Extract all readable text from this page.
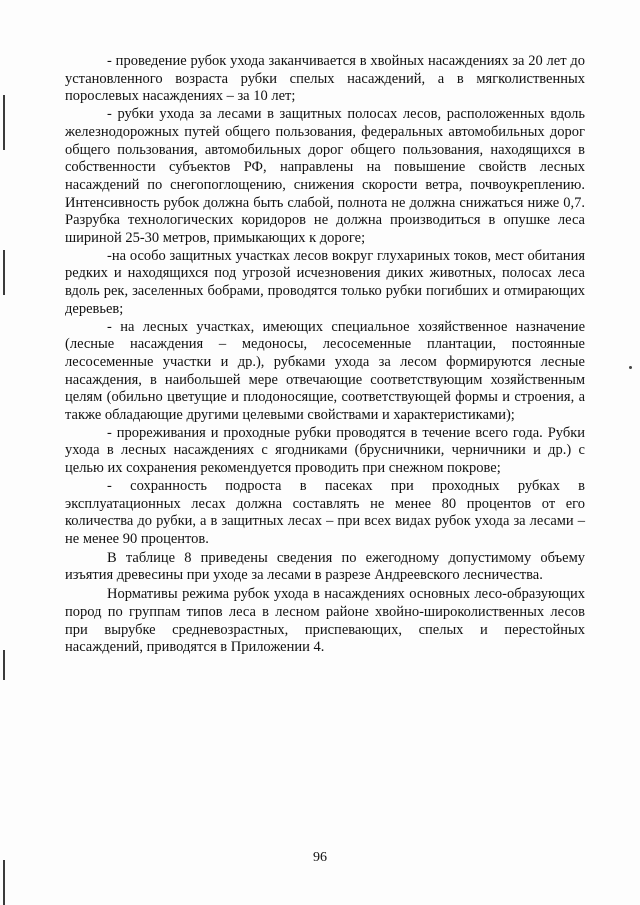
- проведение рубок ухода заканчивается в хвойных насаждениях за 20 лет до установленного возраста рубки спелых насаждений, а в мягколиственных порослевых насаждениях – за 10 лет;

- рубки ухода за лесами в защитных полосах лесов, расположенных вдоль железнодорожных путей общего пользования, федеральных автомобильных дорог общего пользования, автомобильных дорог общего пользования, находящихся в собственности субъектов РФ, направлены на повышение свойств лесных насаждений по снегопоглощению, снижения скорости ветра, почвоукреплению. Интенсивность рубок должна быть слабой, полнота не должна снижаться ниже 0,7. Разрубка технологических коридоров не должна производиться в опушке леса шириной 25-30 метров, примыкающих к дороге;

-на особо защитных участках лесов вокруг глухариных токов, мест обитания редких и находящихся под угрозой исчезновения диких животных, полосах леса вдоль рек, заселенных бобрами, проводятся только рубки погибших и отмирающих деревьев;

- на лесных участках, имеющих специальное хозяйственное назначение (лесные насаждения – медоносы, лесосеменные плантации, постоянные лесосеменные участки и др.), рубками ухода за лесом формируются лесные насаждения, в наибольшей мере отвечающие соответствующим хозяйственным целям (обильно цветущие и плодоносящие, соответствующей формы и строения, а также обладающие другими целевыми свойствами и характеристиками);

- прореживания и проходные рубки проводятся в течение всего года. Рубки ухода в лесных насаждениях с ягодниками (брусничники, черничники и др.) с целью их сохранения рекомендуется проводить при снежном покрове;

- сохранность подроста в пасеках при проходных рубках в эксплуатационных лесах должна составлять не менее 80 процентов от его количества до рубки, а в защитных лесах – при всех видах рубок ухода за лесами – не менее 90 процентов.

В таблице 8 приведены сведения по ежегодному допустимому объему изъятия древесины при уходе за лесами в разрезе Андреевского лесничества.

Нормативы режима рубок ухода в насаждениях основных лесо-образующих пород по группам типов леса в лесном районе хвойно-широколиственных лесов при вырубке средневозрастных, приспевающих, спелых и перестойных насаждений, приводятся в Приложении 4.

96
